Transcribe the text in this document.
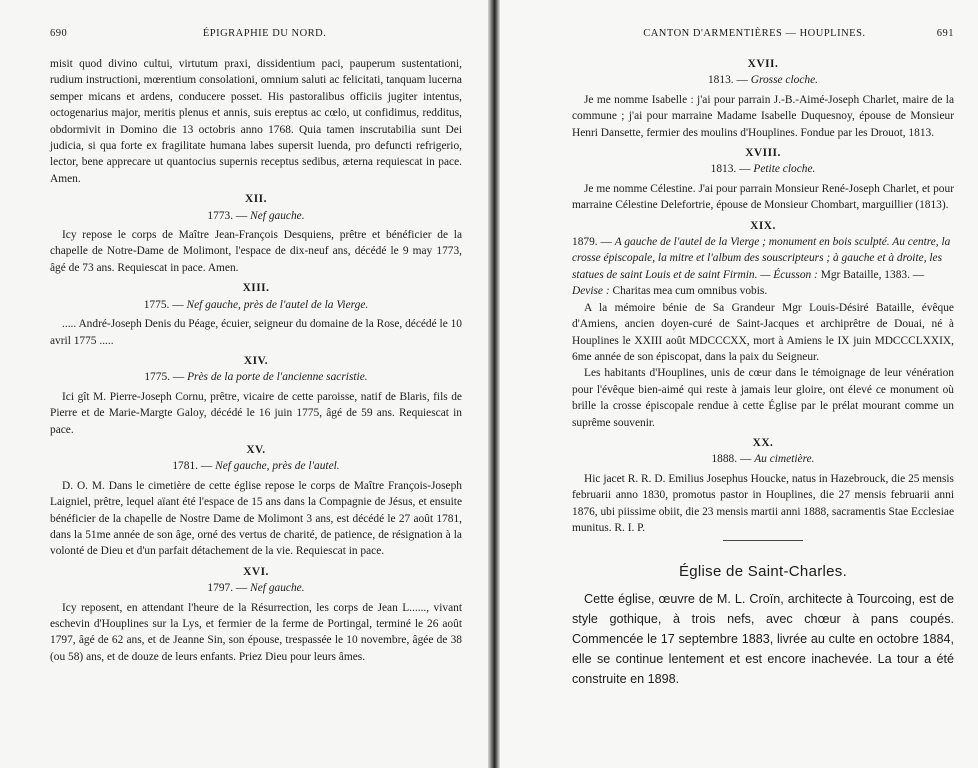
690	ÉPIGRAPHIE DU NORD.

misit quod divino cultui, virtutum praxi, dissidentium paci, pauperum sustentationi, rudium instructioni, mœrentium consolationi, omnium saluti ac felicitati, tanquam lucerna semper micans et ardens, conducere posset. His pastoralibus officiis jugiter intentus, octogenarius major, meritis plenus et annis, suis ereptus ac cœlo, ut confidimus, redditus, obdormivit in Domino die 13 octobris anno 1768. Quia tamen inscrutabilia sunt Dei judicia, si qua forte ex fragilitate humana labes supersit luenda, pro defuncti refrigerio, lector, bene apprecare ut quantocius supernis receptus sedibus, æterna requiescat in pace. Amen.

XII.
1773. — Nef gauche.

Icy repose le corps de Maître Jean-François Desquiens, prêtre et bénéficier de la chapelle de Notre-Dame de Molimont, l'espace de dix-neuf ans, décédé le 9 may 1773, âgé de 73 ans. Requiescat in pace. Amen.

XIII.
1775. — Nef gauche, près de l'autel de la Vierge.

..... André-Joseph Denis du Péage, écuier, seigneur du domaine de la Rose, décédé le 10 avril 1775 .....

XIV.
1775. — Près de la porte de l'ancienne sacristie.

Ici gît M. Pierre-Joseph Cornu, prêtre, vicaire de cette paroisse, natif de Blaris, fils de Pierre et de Marie-Margte Galoy, décédé le 16 juin 1775, âgé de 59 ans. Requiescat in pace.

XV.
1781. — Nef gauche, près de l'autel.

D. O. M. Dans le cimetière de cette église repose le corps de Maître François-Joseph Laigniel, prêtre, lequel aïant été l'espace de 15 ans dans la Compagnie de Jésus, et ensuite bénéficier de la chapelle de Nostre Dame de Molimont 3 ans, est décédé le 27 août 1781, dans la 51me année de son âge, orné des vertus de charité, de patience, de résignation à la volonté de Dieu et d'un parfait détachement de la vie. Requiescat in pace.

XVI.
1797. — Nef gauche.

Icy reposent, en attendant l'heure de la Résurrection, les corps de Jean L......, vivant eschevin d'Houplines sur la Lys, et fermier de la ferme de Portingal, terminé le 26 août 1797, âgé de 62 ans, et de Jeanne Sin, son épouse, trespassée le 10 novembre, âgée de 38 (ou 58) ans, et de douze de leurs enfants. Priez Dieu pour leurs âmes.

CANTON D'ARMENTIÈRES — HOUPLINES.	691
XVII.
1813. — Grosse cloche.

Je me nomme Isabelle : j'ai pour parrain J.-B.-Aimé-Joseph Charlet, maire de la commune ; j'ai pour marraine Madame Isabelle Duquesnoy, épouse de Monsieur Henri Dansette, fermier des moulins d'Houplines. Fondue par les Drouot, 1813.

XVIII.
1813. — Petite cloche.

Je me nomme Célestine. J'ai pour parrain Monsieur René-Joseph Charlet, et pour marraine Célestine Delefortrie, épouse de Monsieur Chombart, marguillier (1813).

XIX.

1879. — A gauche de l'autel de la Vierge ; monument en bois sculpté. Au centre, la crosse épiscopale, la mitre et l'album des souscripteurs ; à gauche et à droite, les statues de saint Louis et de saint Firmin. — Écusson : Mgr Bataille, 1383. — Devise : Charitas mea cum omnibus vobis.

A la mémoire bénie de Sa Grandeur Mgr Louis-Désiré Bataille, évêque d'Amiens, ancien doyen-curé de Saint-Jacques et archiprêtre de Douai, né à Houplines le XXIII août MDCCCXX, mort à Amiens le IX juin MDCCCLXXIX, 6me année de son épiscopat, dans la paix du Seigneur.

Les habitants d'Houplines, unis de cœur dans le témoignage de leur vénération pour l'évêque bien-aimé qui reste à jamais leur gloire, ont élevé ce monument où brille la crosse épiscopale rendue à cette Église par le prélat mourant comme un suprême souvenir.

XX.
1888. — Au cimetière.

Hic jacet R. R. D. Emilius Josephus Houcke, natus in Hazebrouck, die 25 mensis februarii anno 1830, promotus pastor in Houplines, die 27 mensis februarii anni 1876, ubi piissime obiit, die 23 mensis martii anni 1888, sacramentis Stae Ecclesiae munitus. R. I. P.

Église de Saint-Charles.

Cette église, œuvre de M. L. Croïn, architecte à Tourcoing, est de style gothique, à trois nefs, avec chœur à pans coupés. Commencée le 17 septembre 1883, livrée au culte en octobre 1884, elle se continue lentement et est encore inachevée. La tour a été construite en 1898.
